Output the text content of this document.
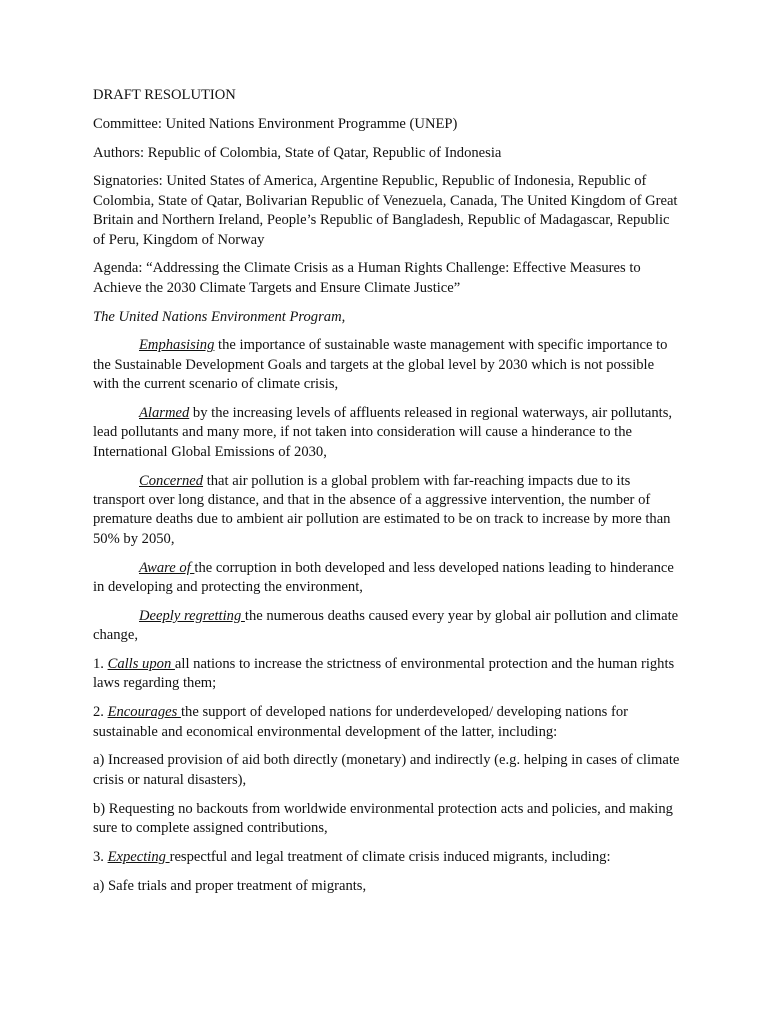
DRAFT RESOLUTION

Committee: United Nations Environment Programme (UNEP)

Authors: Republic of Colombia, State of Qatar, Republic of Indonesia

Signatories: United States of America, Argentine Republic, Republic of Indonesia, Republic of Colombia, State of Qatar, Bolivarian Republic of Venezuela, Canada, The United Kingdom of Great Britain and Northern Ireland, People’s Republic of Bangladesh, Republic of Madagascar, Republic of Peru, Kingdom of Norway

Agenda: “Addressing the Climate Crisis as a Human Rights Challenge: Effective Measures to Achieve the 2030 Climate Targets and Ensure Climate Justice”

The United Nations Environment Program,

Emphasising the importance of sustainable waste management with specific importance to the Sustainable Development Goals and targets at the global level by 2030 which is not possible with the current scenario of climate crisis,

Alarmed by the increasing levels of affluents released in regional waterways, air pollutants, lead pollutants and many more, if not taken into consideration will cause a hinderance to the International Global Emissions of 2030,

Concerned that air pollution is a global problem with far-reaching impacts due to its transport over long distance, and that in the absence of a aggressive intervention, the number of premature deaths due to ambient air pollution are estimated to be on track to increase by more than 50% by 2050,

Aware of the corruption in both developed and less developed nations leading to hinderance in developing and protecting the environment,

Deeply regretting the numerous deaths caused every year by global air pollution and climate change,

1. Calls upon all nations to increase the strictness of environmental protection and the human rights laws regarding them;

2. Encourages the support of developed nations for underdeveloped/ developing nations for sustainable and economical environmental development of the latter, including:

a) Increased provision of aid both directly (monetary) and indirectly (e.g. helping in cases of climate crisis or natural disasters),

b) Requesting no backouts from worldwide environmental protection acts and policies, and making sure to complete assigned contributions,

3. Expecting respectful and legal treatment of climate crisis induced migrants, including:

a) Safe trials and proper treatment of migrants,
